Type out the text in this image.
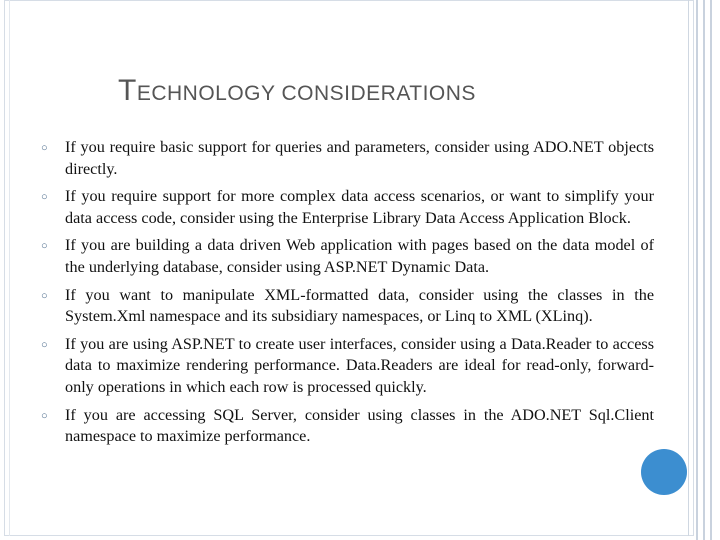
TECHNOLOGY CONSIDERATIONS
○ If you require basic support for queries and parameters, consider using ADO.NET objects directly.
○ If you require support for more complex data access scenarios, or want to simplify your data access code, consider using the Enterprise Library Data Access Application Block.
○ If you are building a data driven Web application with pages based on the data model of the underlying database, consider using ASP.NET Dynamic Data.
○ If you want to manipulate XML-formatted data, consider using the classes in the System.Xml namespace and its subsidiary namespaces, or Linq to XML (XLinq).
○ If you are using ASP.NET to create user interfaces, consider using a Data.Reader to access data to maximize rendering performance. Data.Readers are ideal for read-only, forward-only operations in which each row is processed quickly.
○ If you are accessing SQL Server, consider using classes in the ADO.NET Sql.Client namespace to maximize performance.
